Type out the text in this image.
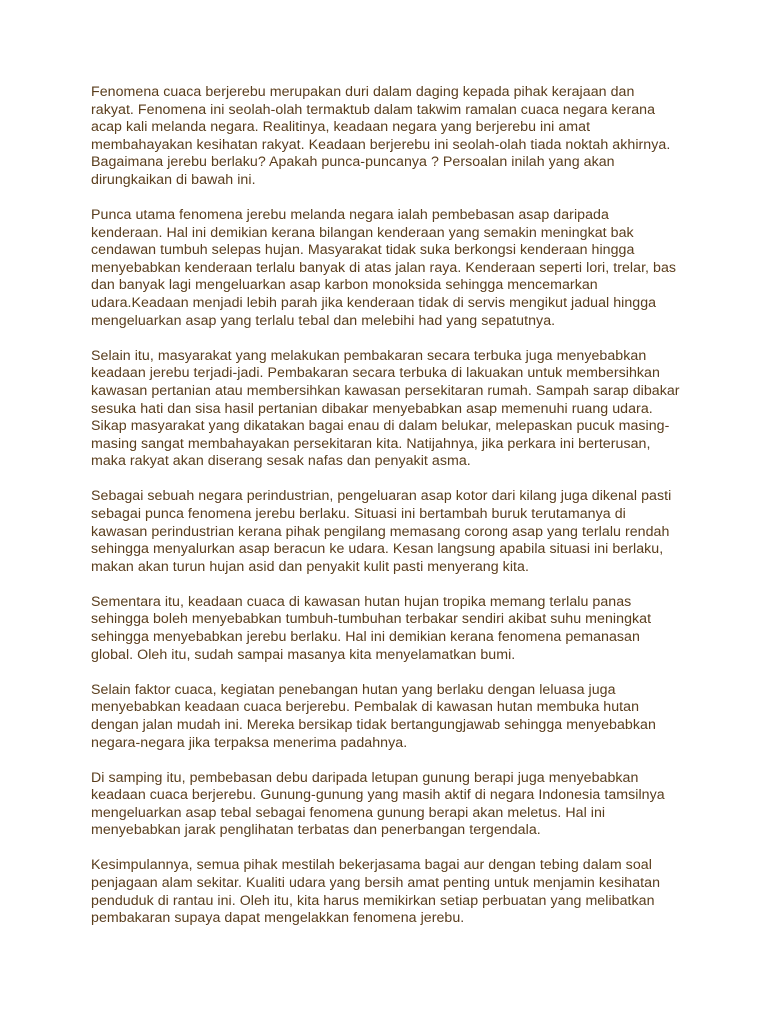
Fenomena cuaca berjerebu merupakan duri dalam daging kepada pihak kerajaan dan
rakyat. Fenomena ini seolah-olah termaktub dalam takwim ramalan cuaca negara kerana
acap kali melanda negara. Realitinya, keadaan negara yang berjerebu ini amat
membahayakan kesihatan rakyat. Keadaan berjerebu ini seolah-olah tiada noktah akhirnya.
Bagaimana jerebu berlaku? Apakah punca-puncanya ? Persoalan inilah yang akan
dirungkaikan di bawah ini.

Punca utama fenomena jerebu melanda negara ialah pembebasan asap daripada
kenderaan. Hal ini demikian kerana bilangan kenderaan yang semakin meningkat bak
cendawan tumbuh selepas hujan. Masyarakat tidak suka berkongsi kenderaan hingga
menyebabkan kenderaan terlalu banyak di atas jalan raya. Kenderaan seperti lori, trelar, bas
dan banyak lagi mengeluarkan asap karbon monoksida sehingga mencemarkan
udara.Keadaan menjadi lebih parah jika kenderaan tidak di servis mengikut jadual hingga
mengeluarkan asap yang terlalu tebal dan melebihi had yang sepatutnya.

Selain itu, masyarakat yang melakukan pembakaran secara terbuka juga menyebabkan
keadaan jerebu terjadi-jadi. Pembakaran secara terbuka di lakuakan untuk membersihkan
kawasan pertanian atau membersihkan kawasan persekitaran rumah. Sampah sarap dibakar
sesuka hati dan sisa hasil pertanian dibakar menyebabkan asap memenuhi ruang udara.
Sikap masyarakat yang dikatakan bagai enau di dalam belukar, melepaskan pucuk masing-
masing sangat membahayakan persekitaran kita. Natijahnya, jika perkara ini berterusan,
maka rakyat akan diserang sesak nafas dan penyakit asma.

Sebagai sebuah negara perindustrian, pengeluaran asap kotor dari kilang juga dikenal pasti
sebagai punca fenomena jerebu berlaku. Situasi ini bertambah buruk terutamanya di
kawasan perindustrian kerana pihak pengilang memasang corong asap yang terlalu rendah
sehingga menyalurkan asap beracun ke udara. Kesan langsung apabila situasi ini berlaku,
makan akan turun hujan asid dan penyakit kulit pasti menyerang kita.

Sementara itu, keadaan cuaca di kawasan hutan hujan tropika memang terlalu panas
sehingga boleh menyebabkan tumbuh-tumbuhan terbakar sendiri akibat suhu meningkat
sehingga menyebabkan jerebu berlaku. Hal ini demikian kerana fenomena pemanasan
global. Oleh itu, sudah sampai masanya kita menyelamatkan bumi.

Selain faktor cuaca, kegiatan penebangan hutan yang berlaku dengan leluasa juga
menyebabkan keadaan cuaca berjerebu. Pembalak di kawasan hutan membuka hutan
dengan jalan mudah ini. Mereka bersikap tidak bertangungjawab sehingga menyebabkan
negara-negara jika terpaksa menerima padahnya.

Di samping itu, pembebasan debu daripada letupan gunung berapi juga menyebabkan
keadaan cuaca berjerebu. Gunung-gunung yang masih aktif di negara Indonesia tamsilnya
mengeluarkan asap tebal sebagai fenomena gunung berapi akan meletus. Hal ini
menyebabkan jarak penglihatan terbatas dan penerbangan tergendala.

Kesimpulannya, semua pihak mestilah bekerjasama bagai aur dengan tebing dalam soal
penjagaan alam sekitar. Kualiti udara yang bersih amat penting untuk menjamin kesihatan
penduduk di rantau ini. Oleh itu, kita harus memikirkan setiap perbuatan yang melibatkan
pembakaran supaya dapat mengelakkan fenomena jerebu.
